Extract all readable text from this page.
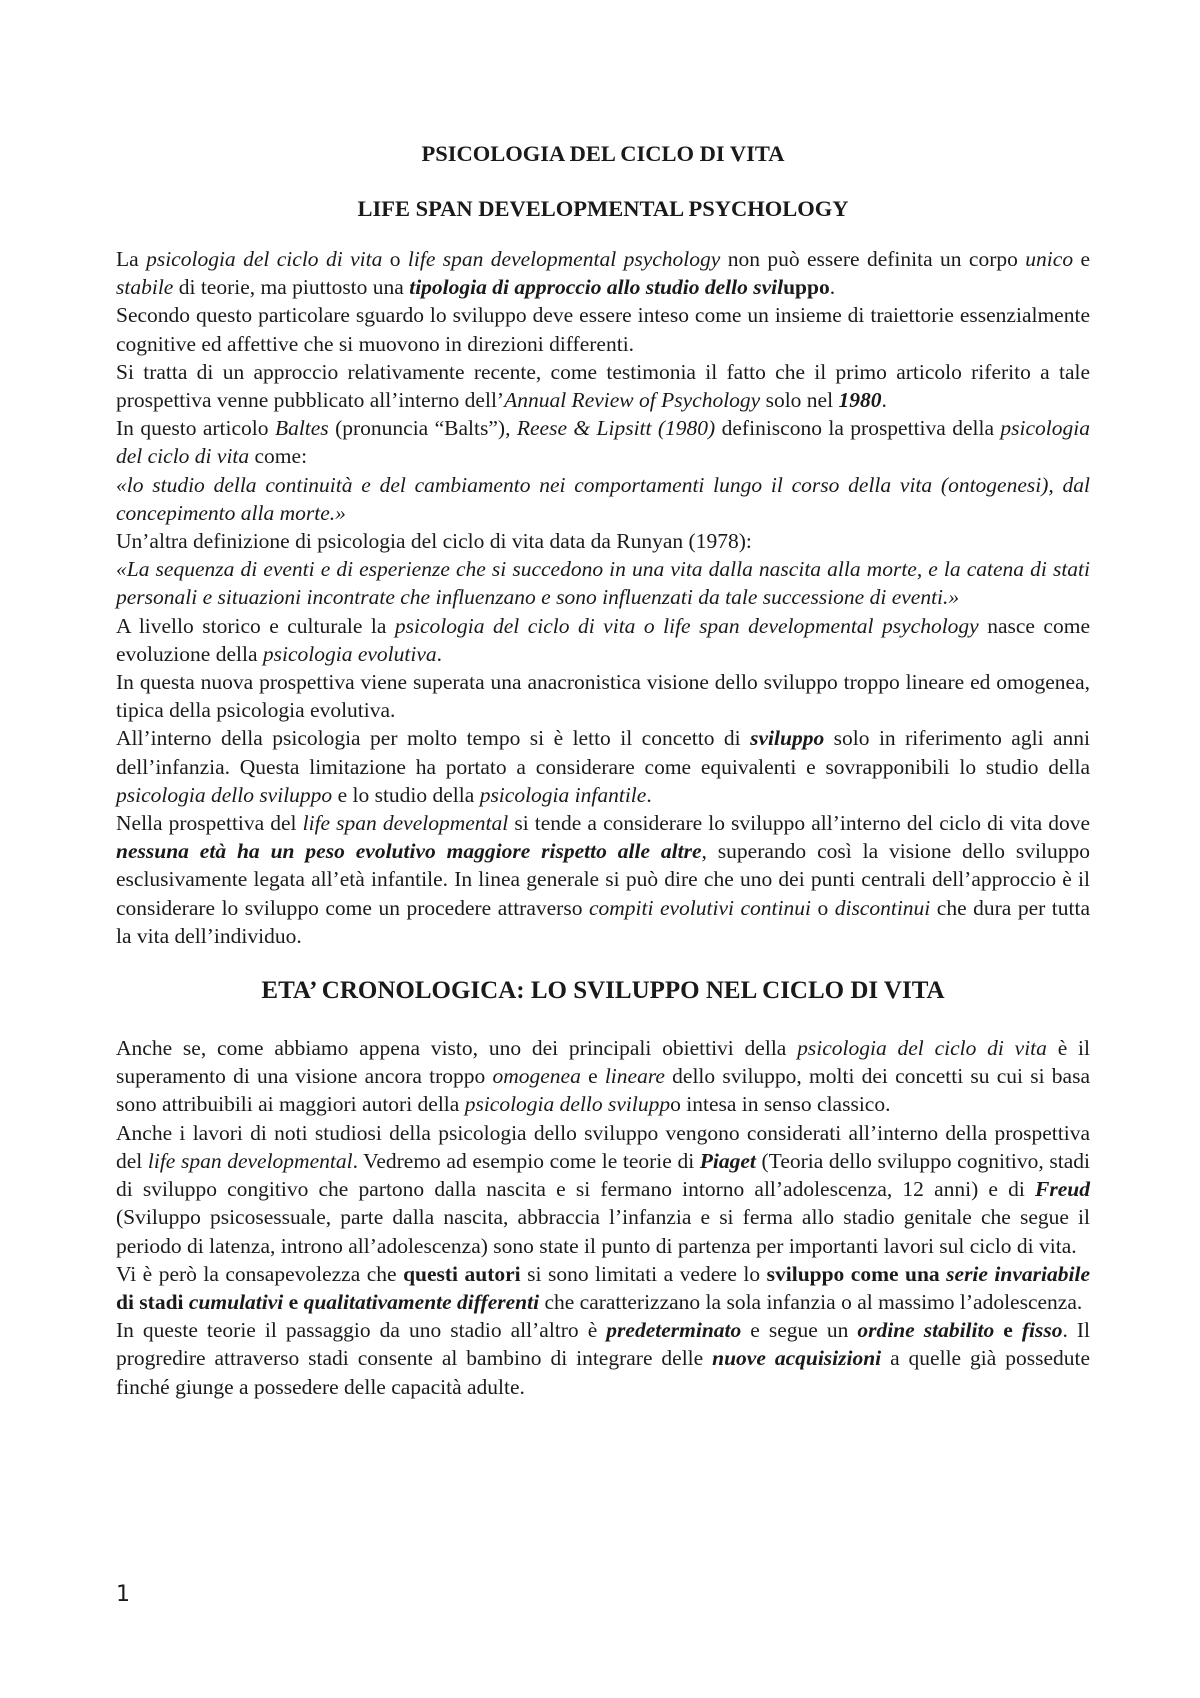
PSICOLOGIA DEL CICLO DI VITA
LIFE SPAN DEVELOPMENTAL PSYCHOLOGY

La psicologia del ciclo di vita o life span developmental psychology non può essere definita un corpo unico e stabile di teorie, ma piuttosto una tipologia di approccio allo studio dello sviluppo.

Secondo questo particolare sguardo lo sviluppo deve essere inteso come un insieme di traiettorie essenzialmente cognitive ed affettive che si muovono in direzioni differenti.

Si tratta di un approccio relativamente recente, come testimonia il fatto che il primo articolo riferito a tale prospettiva venne pubblicato all’interno dell’Annual Review of Psychology solo nel 1980.

In questo articolo Baltes (pronuncia “Balts”), Reese & Lipsitt (1980) definiscono la prospettiva della psicologia del ciclo di vita come:

«lo studio della continuità e del cambiamento nei comportamenti lungo il corso della vita (ontogenesi), dal concepimento alla morte.»

Un’altra definizione di psicologia del ciclo di vita data da Runyan (1978):

«La sequenza di eventi e di esperienze che si succedono in una vita dalla nascita alla morte, e la catena di stati personali e situazioni incontrate che influenzano e sono influenzati da tale successione di eventi.»

A livello storico e culturale la psicologia del ciclo di vita o life span developmental psychology nasce come evoluzione della psicologia evolutiva.

In questa nuova prospettiva viene superata una anacronistica visione dello sviluppo troppo lineare ed omogenea, tipica della psicologia evolutiva.

All’interno della psicologia per molto tempo si è letto il concetto di sviluppo solo in riferimento agli anni dell’infanzia. Questa limitazione ha portato a considerare come equivalenti e sovrapponibili lo studio della psicologia dello sviluppo e lo studio della psicologia infantile.

Nella prospettiva del life span developmental si tende a considerare lo sviluppo all’interno del ciclo di vita dove nessuna età ha un peso evolutivo maggiore rispetto alle altre, superando così la visione dello sviluppo esclusivamente legata all’età infantile. In linea generale si può dire che uno dei punti centrali dell’approccio è il considerare lo sviluppo come un procedere attraverso compiti evolutivi continui o discontinui che dura per tutta la vita dell’individuo.

ETA’ CRONOLOGICA: LO SVILUPPO NEL CICLO DI VITA

Anche se, come abbiamo appena visto, uno dei principali obiettivi della psicologia del ciclo di vita è il superamento di una visione ancora troppo omogenea e lineare dello sviluppo, molti dei concetti su cui si basa sono attribuibili ai maggiori autori della psicologia dello sviluppo intesa in senso classico.

Anche i lavori di noti studiosi della psicologia dello sviluppo vengono considerati all’interno della prospettiva del life span developmental. Vedremo ad esempio come le teorie di Piaget (Teoria dello sviluppo cognitivo, stadi di sviluppo congitivo che partono dalla nascita e si fermano intorno all’adolescenza, 12 anni) e di Freud (Sviluppo psicosessuale, parte dalla nascita, abbraccia l’infanzia e si ferma allo stadio genitale che segue il periodo di latenza, introno all’adolescenza) sono state il punto di partenza per importanti lavori sul ciclo di vita.

Vi è però la consapevolezza che questi autori si sono limitati a vedere lo sviluppo come una serie invariabile di stadi cumulativi e qualitativamente differenti che caratterizzano la sola infanzia o al massimo l’adolescenza.

In queste teorie il passaggio da uno stadio all’altro è predeterminato e segue un ordine stabilito e fisso. Il progredire attraverso stadi consente al bambino di integrare delle nuove acquisizioni a quelle già possedute finché giunge a possedere delle capacità adulte.

1
